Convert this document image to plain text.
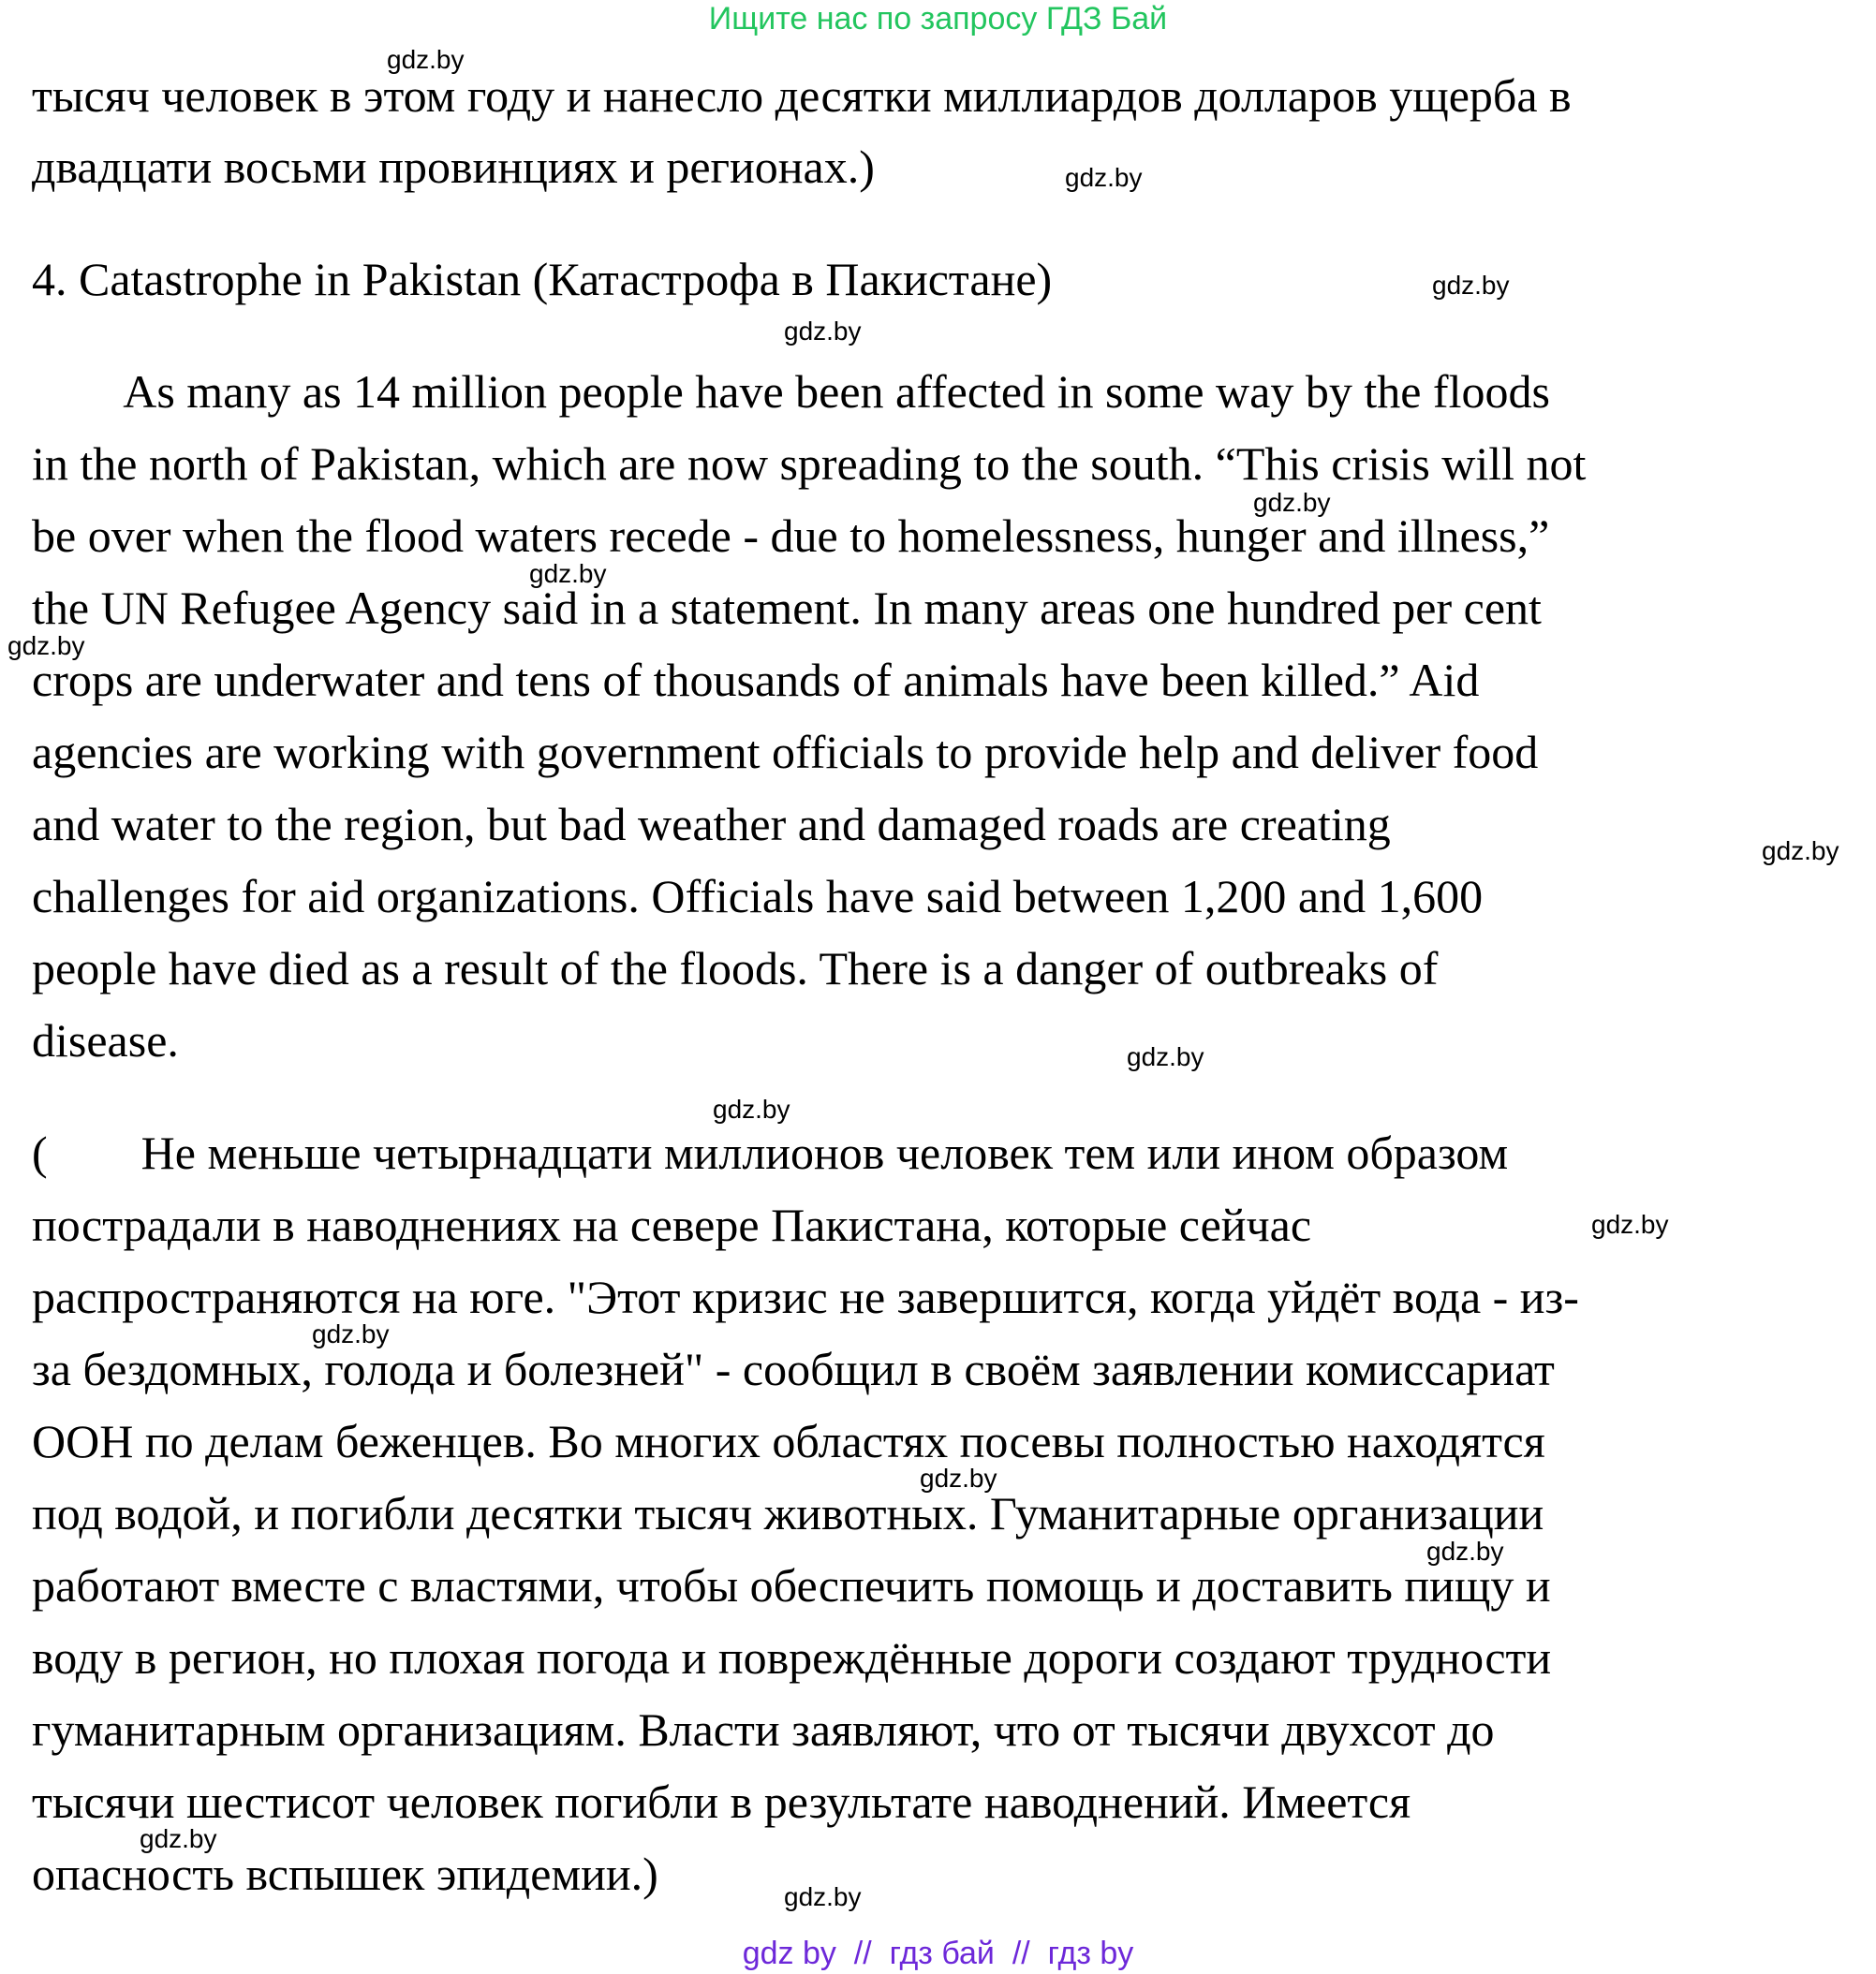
Ищите нас по запросу ГДЗ Бай
тысяч человек в этом году и нанесло десятки миллиардов долларов ущерба в
двадцати восьми провинциях и регионах.)
4. Catastrophe in Pakistan (Катастрофа в Пакистане)
As many as 14 million people have been affected in some way by the floods
in the north of Pakistan, which are now spreading to the south. “This crisis will not
be over when the flood waters recede - due to homelessness, hunger and illness,”
the UN Refugee Agency said in a statement. In many areas one hundred per cent
crops are underwater and tens of thousands of animals have been killed.” Aid
agencies are working with government officials to provide help and deliver food
and water to the region, but bad weather and damaged roads are creating
challenges for aid organizations. Officials have said between 1,200 and 1,600
people have died as a result of the floods. There is a danger of outbreaks of
disease.
(        Не меньше четырнадцати миллионов человек тем или ином образом
пострадали в наводнениях на севере Пакистана, которые сейчас
распространяются на юге. "Этот кризис не завершится, когда уйдёт вода - из-
за бездомных, голода и болезней" - сообщил в своём заявлении комиссариат
ООН по делам беженцев. Во многих областях посевы полностью находятся
под водой, и погибли десятки тысяч животных. Гуманитарные организации
работают вместе с властями, чтобы обеспечить помощь и доставить пищу и
воду в регион, но плохая погода и повреждённые дороги создают трудности
гуманитарным организациям. Власти заявляют, что от тысячи двухсот до
тысячи шестисот человек погибли в результате наводнений. Имеется
опасность вспышек эпидемии.)
gdz.by
gdz.by
gdz.by
gdz.by
gdz.by
gdz.by
gdz.by
gdz.by
gdz.by
gdz.by
gdz.by
gdz.by
gdz.by
gdz.by
gdz.by
gdz.by
gdz by  //  гдз бай  //  гдз by
